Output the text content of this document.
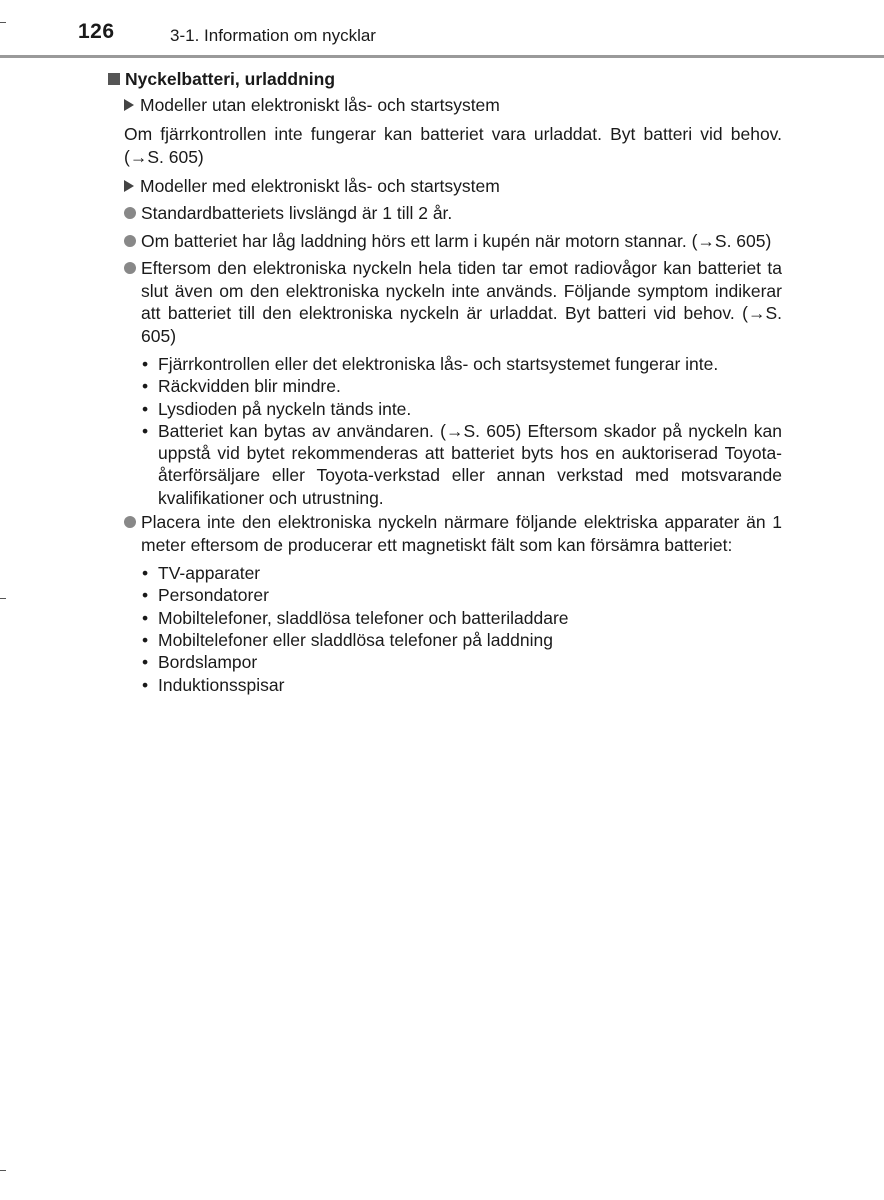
126	3-1. Information om nycklar
Nyckelbatteri, urladdning
Modeller utan elektroniskt lås- och startsystem
Om fjärrkontrollen inte fungerar kan batteriet vara urladdat. Byt batteri vid behov. (→S. 605)
Modeller med elektroniskt lås- och startsystem
Standardbatteriets livslängd är 1 till 2 år.
Om batteriet har låg laddning hörs ett larm i kupén när motorn stannar. (→S. 605)
Eftersom den elektroniska nyckeln hela tiden tar emot radiovågor kan batteriet ta slut även om den elektroniska nyckeln inte används. Följande symptom indikerar att batteriet till den elektroniska nyckeln är urladdat. Byt batteri vid behov. (→S. 605)
• Fjärrkontrollen eller det elektroniska lås- och startsystemet fungerar inte.
• Räckvidden blir mindre.
• Lysdioden på nyckeln tänds inte.
• Batteriet kan bytas av användaren. (→S. 605) Eftersom skador på nyckeln kan uppstå vid bytet rekommenderas att batteriet byts hos en auktoriserad Toyota-återförsäljare eller Toyota-verkstad eller annan verkstad med motsvarande kvalifikationer och utrustning.
Placera inte den elektroniska nyckeln närmare följande elektriska apparater än 1 meter eftersom de producerar ett magnetiskt fält som kan försämra batteriet:
• TV-apparater
• Persondatorer
• Mobiltelefoner, sladdlösa telefoner och batteriladdare
• Mobiltelefoner eller sladdlösa telefoner på laddning
• Bordslampor
• Induktionsspisar
